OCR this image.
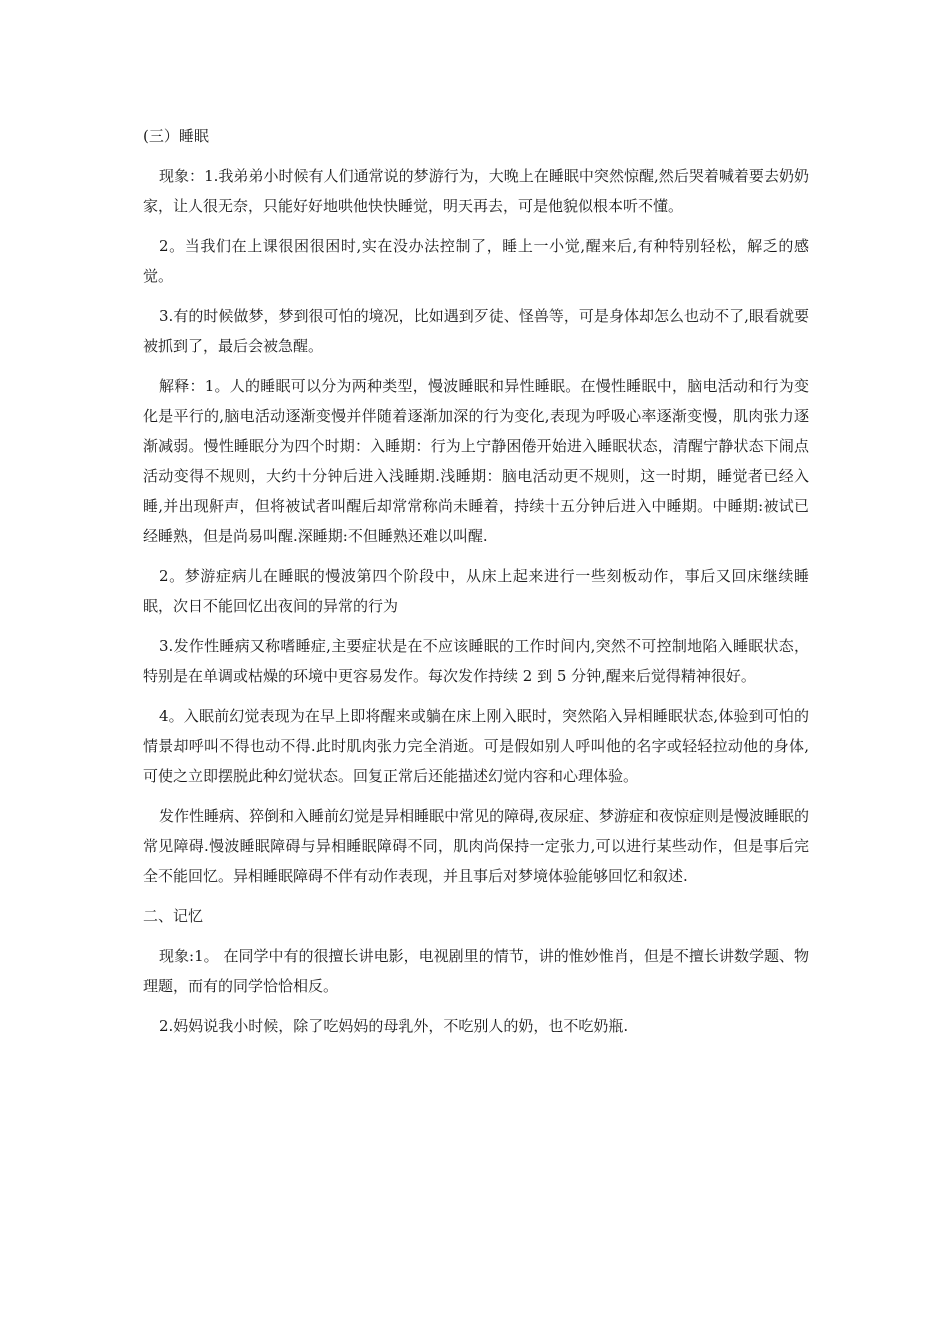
(三）睡眠

现象：1.我弟弟小时候有人们通常说的梦游行为，大晚上在睡眠中突然惊醒,然后哭着喊着要去奶奶家，让人很无奈，只能好好地哄他快快睡觉，明天再去，可是他貌似根本听不懂。

2。当我们在上课很困很困时,实在没办法控制了，睡上一小觉,醒来后,有种特别轻松，解乏的感觉。

3.有的时候做梦，梦到很可怕的境况，比如遇到歹徒、怪兽等，可是身体却怎么也动不了,眼看就要被抓到了，最后会被急醒。

解释：1。人的睡眠可以分为两种类型，慢波睡眠和异性睡眠。在慢性睡眠中，脑电活动和行为变化是平行的,脑电活动逐渐变慢并伴随着逐渐加深的行为变化,表现为呼吸心率逐渐变慢，肌肉张力逐渐减弱。慢性睡眠分为四个时期：入睡期：行为上宁静困倦开始进入睡眠状态，清醒宁静状态下闹点活动变得不规则，大约十分钟后进入浅睡期.浅睡期：脑电活动更不规则，这一时期，睡觉者已经入睡,并出现鼾声，但将被试者叫醒后却常常称尚未睡着，持续十五分钟后进入中睡期。中睡期:被试已经睡熟，但是尚易叫醒.深睡期:不但睡熟还难以叫醒.

2。梦游症病儿在睡眠的慢波第四个阶段中，从床上起来进行一些刻板动作，事后又回床继续睡眠，次日不能回忆出夜间的异常的行为

3.发作性睡病又称嗜睡症,主要症状是在不应该睡眠的工作时间内,突然不可控制地陷入睡眠状态，特别是在单调或枯燥的环境中更容易发作。每次发作持续 2 到 5 分钟,醒来后觉得精神很好。

4。入眠前幻觉表现为在早上即将醒来或躺在床上刚入眠时，突然陷入异相睡眠状态,体验到可怕的情景却呼叫不得也动不得.此时肌肉张力完全消逝。可是假如别人呼叫他的名字或轻轻拉动他的身体,可使之立即摆脱此种幻觉状态。回复正常后还能描述幻觉内容和心理体验。

发作性睡病、猝倒和入睡前幻觉是异相睡眠中常见的障碍,夜尿症、梦游症和夜惊症则是慢波睡眠的常见障碍.慢波睡眠障碍与异相睡眠障碍不同，肌肉尚保持一定张力,可以进行某些动作，但是事后完全不能回忆。异相睡眠障碍不伴有动作表现，并且事后对梦境体验能够回忆和叙述.

二、记忆

现象:1。 在同学中有的很擅长讲电影，电视剧里的情节，讲的惟妙惟肖，但是不擅长讲数学题、物理题，而有的同学恰恰相反。

2.妈妈说我小时候，除了吃妈妈的母乳外，不吃别人的奶，也不吃奶瓶.
